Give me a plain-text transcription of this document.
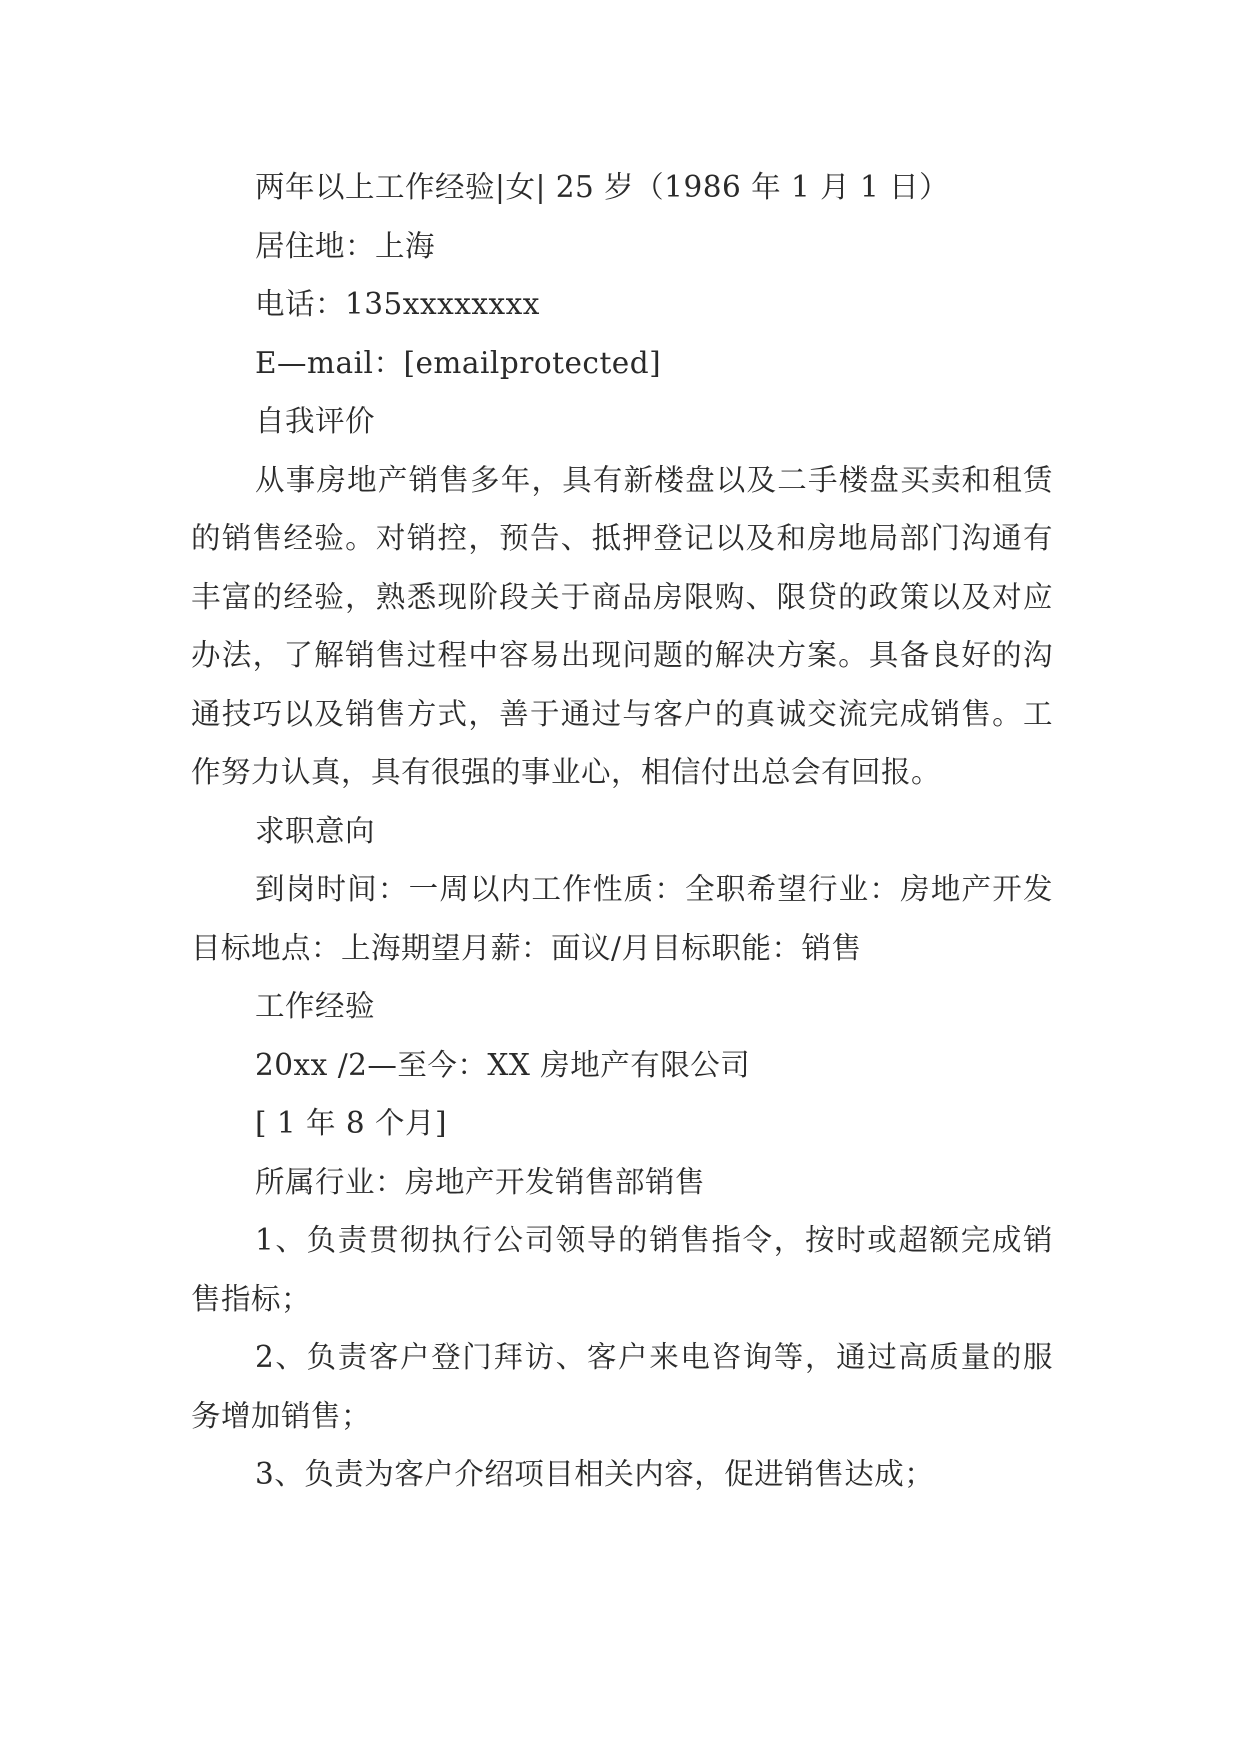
两年以上工作经验|女| 25 岁（1986 年 1 月 1 日）

居住地：上海

电话：135xxxxxxxx

E—mail：[emailprotected]

自我评价

从事房地产销售多年，具有新楼盘以及二手楼盘买卖和租赁的销售经验。对销控，预告、抵押登记以及和房地局部门沟通有丰富的经验，熟悉现阶段关于商品房限购、限贷的政策以及对应办法，了解销售过程中容易出现问题的解决方案。具备良好的沟通技巧以及销售方式，善于通过与客户的真诚交流完成销售。工作努力认真，具有很强的事业心，相信付出总会有回报。

求职意向

到岗时间：一周以内工作性质：全职希望行业：房地产开发目标地点：上海期望月薪：面议/月目标职能：销售

工作经验

20xx /2—至今：XX 房地产有限公司

[ 1 年 8 个月]

所属行业：房地产开发销售部销售

1、负责贯彻执行公司领导的销售指令，按时或超额完成销售指标；

2、负责客户登门拜访、客户来电咨询等，通过高质量的服务增加销售；

3、负责为客户介绍项目相关内容，促进销售达成；
